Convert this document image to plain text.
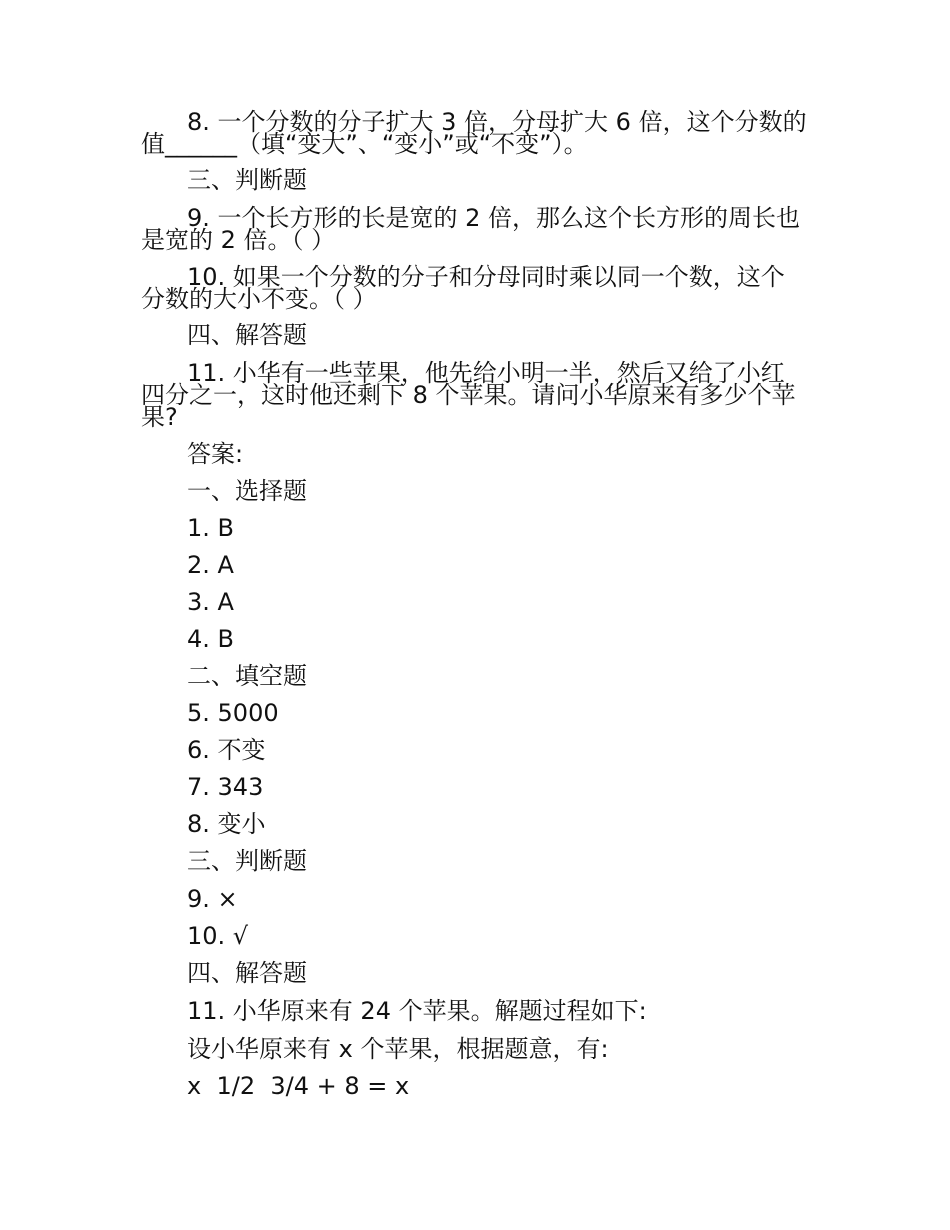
8. 一个分数的分子扩大 3 倍，分母扩大 6 倍，这个分数的
值______（填“变大”、“变小”或“不变”）。
三、判断题
9. 一个长方形的长是宽的 2 倍，那么这个长方形的周长也
是宽的 2 倍。（ ）
10. 如果一个分数的分子和分母同时乘以同一个数，这个
分数的大小不变。（ ）
四、解答题
11. 小华有一些苹果，他先给小明一半，然后又给了小红
四分之一，这时他还剩下 8 个苹果。请问小华原来有多少个苹
果?
答案:
一、选择题
1. B
2. A
3. A
4. B
二、填空题
5. 5000
6. 不变
7. 343
8. 变小
三、判断题
9. ×
10. √
四、解答题
11. 小华原来有 24 个苹果。解题过程如下:
设小华原来有 x 个苹果，根据题意，有:
x  1/2  3/4 + 8 = x
